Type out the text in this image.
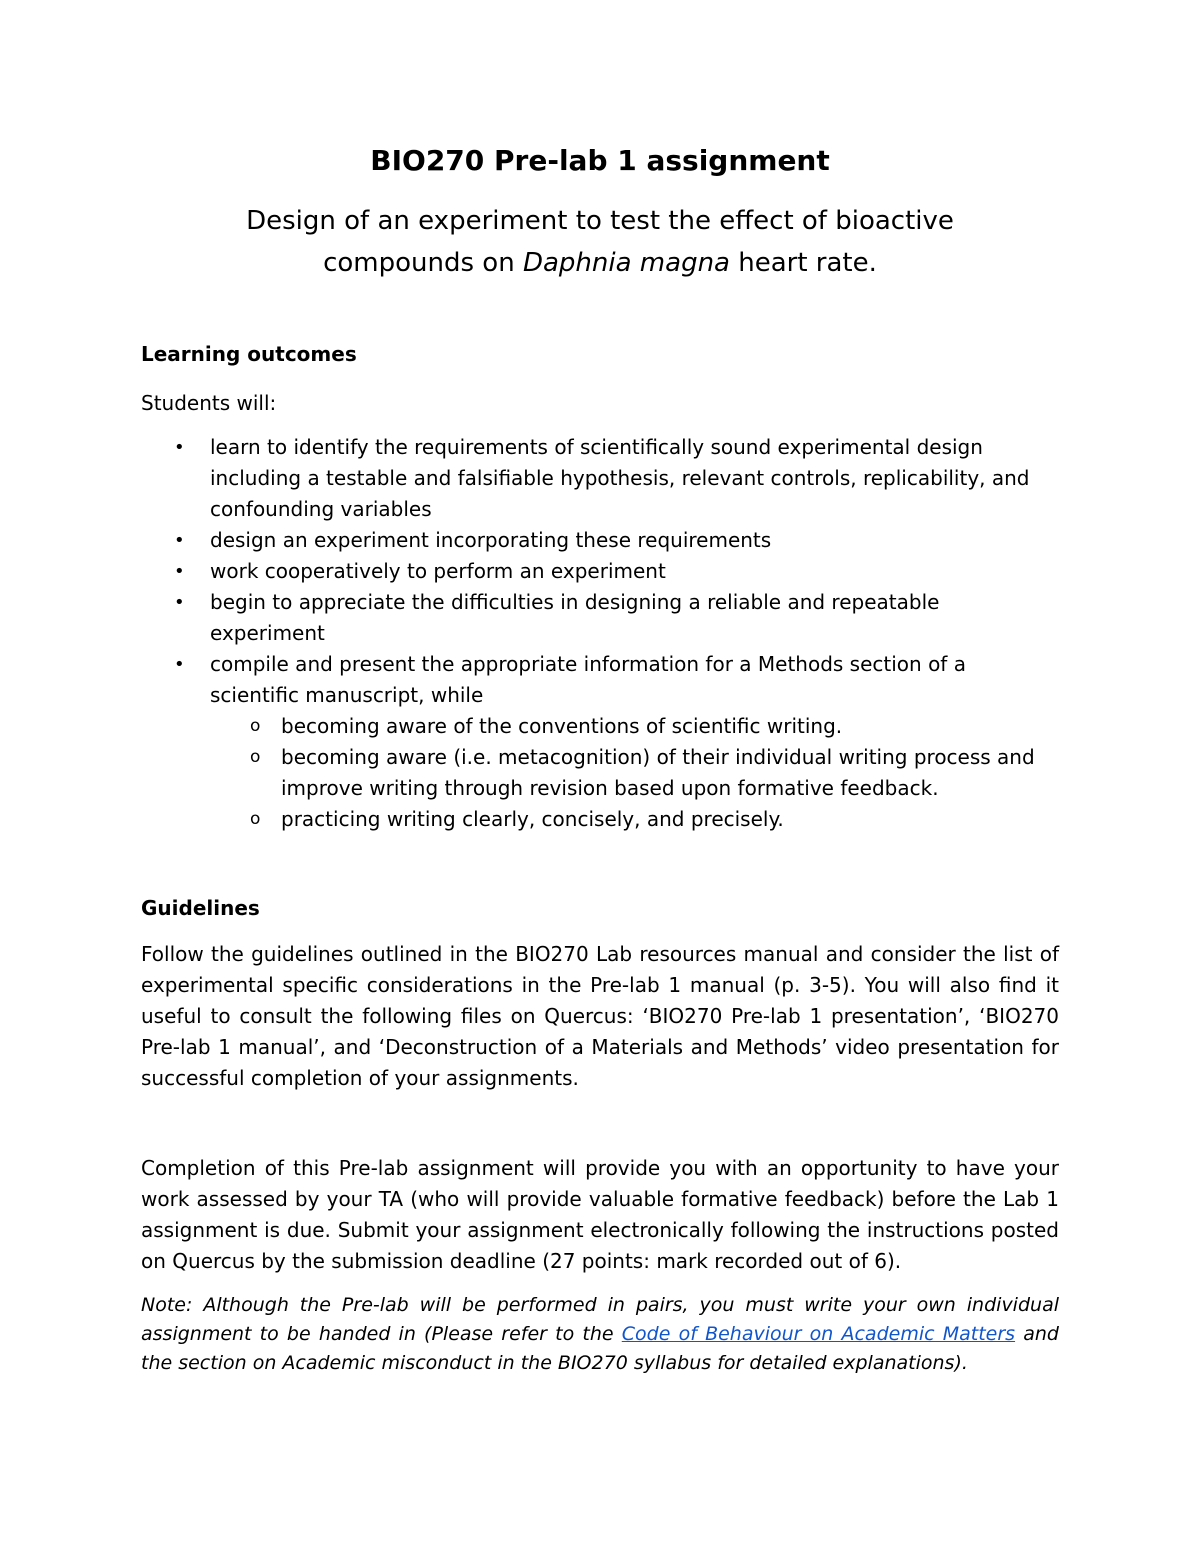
BIO270 Pre-lab 1 assignment
Design of an experiment to test the effect of bioactive
compounds on Daphnia magna heart rate.
Learning outcomes

Students will:

• learn to identify the requirements of scientifically sound experimental design including a testable and falsifiable hypothesis, relevant controls, replicability, and confounding variables
• design an experiment incorporating these requirements
• work cooperatively to perform an experiment
• begin to appreciate the difficulties in designing a reliable and repeatable experiment
• compile and present the appropriate information for a Methods section of a scientific manuscript, while
o becoming aware of the conventions of scientific writing.
o becoming aware (i.e. metacognition) of their individual writing process and improve writing through revision based upon formative feedback.
o practicing writing clearly, concisely, and precisely.
Guidelines

Follow the guidelines outlined in the BIO270 Lab resources manual and consider the list of experimental specific considerations in the Pre-lab 1 manual (p. 3-5). You will also find it useful to consult the following files on Quercus: ‘BIO270 Pre-lab 1 presentation’, ‘BIO270 Pre-lab 1 manual’, and ‘Deconstruction of a Materials and Methods’ video presentation for successful completion of your assignments.

Completion of this Pre-lab assignment will provide you with an opportunity to have your work assessed by your TA (who will provide valuable formative feedback) before the Lab 1 assignment is due. Submit your assignment electronically following the instructions posted on Quercus by the submission deadline (27 points: mark recorded out of 6).

Note: Although the Pre-lab will be performed in pairs, you must write your own individual assignment to be handed in (Please refer to the Code of Behaviour on Academic Matters and the section on Academic misconduct in the BIO270 syllabus for detailed explanations).
